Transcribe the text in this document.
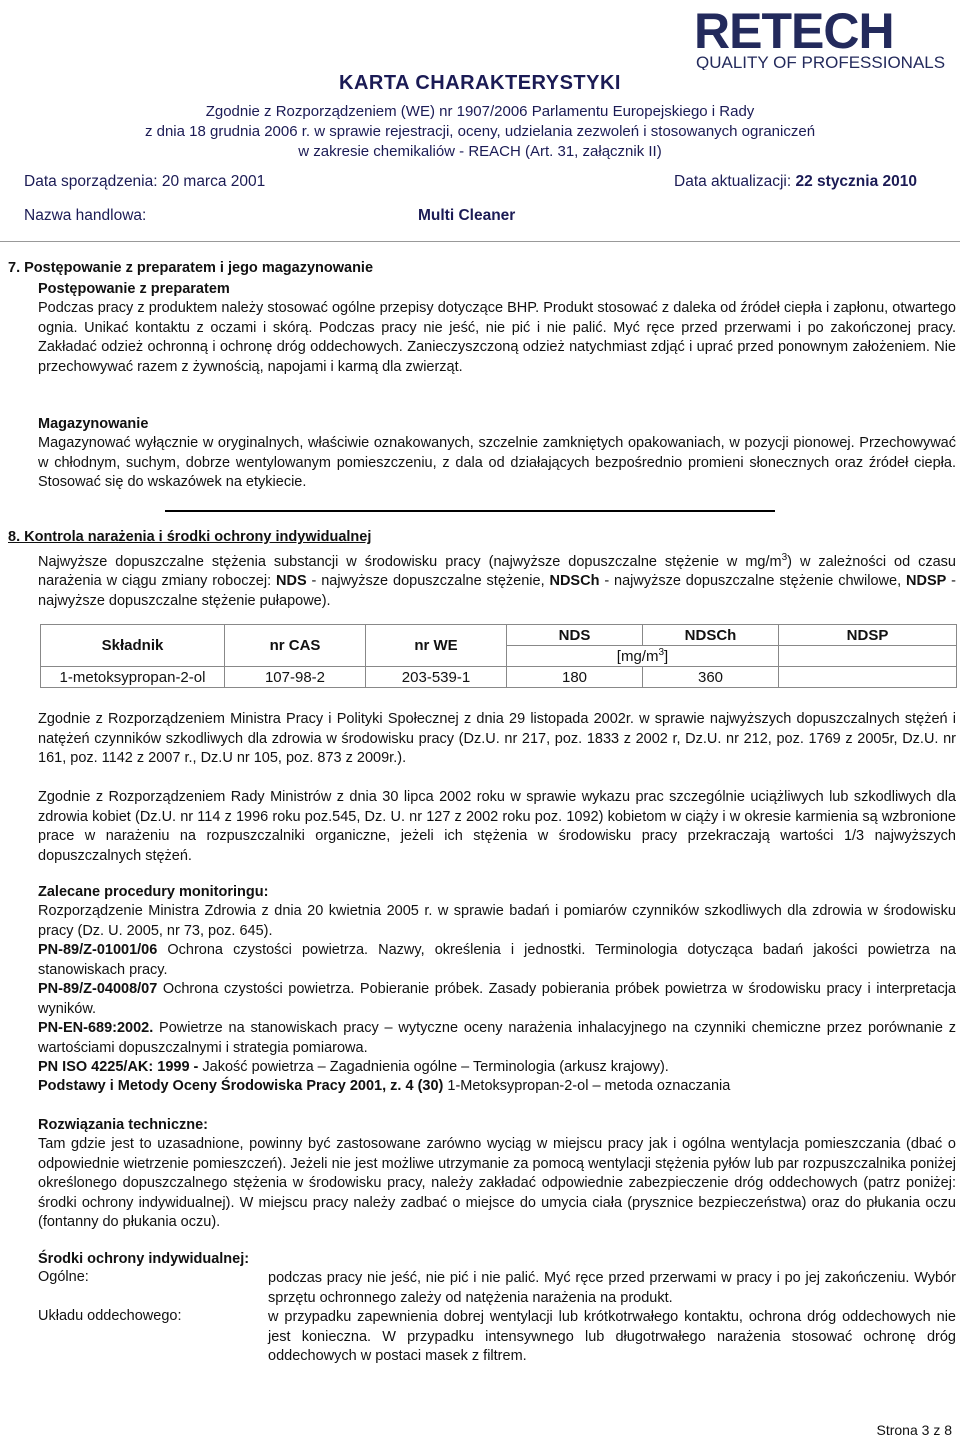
RETECH
QUALITY OF PROFESSIONALS
KARTA CHARAKTERYSTYKI
Zgodnie z Rozporządzeniem (WE) nr 1907/2006 Parlamentu Europejskiego i Rady
z dnia 18 grudnia 2006 r. w sprawie rejestracji, oceny, udzielania zezwoleń i stosowanych ograniczeń
w zakresie chemikaliów - REACH (Art. 31, załącznik II)
Data sporządzenia: 20 marca 2001	Data aktualizacji: 22 stycznia 2010
Nazwa handlowa:	Multi Cleaner
7. Postępowanie z preparatem i jego magazynowanie
Postępowanie z preparatem
Podczas pracy z produktem należy stosować ogólne przepisy dotyczące BHP. Produkt stosować z daleka od źródeł ciepła i zapłonu, otwartego ognia. Unikać kontaktu z oczami i skórą. Podczas pracy nie jeść, nie pić i nie palić. Myć ręce przed przerwami i po zakończonej pracy. Zakładać odzież ochronną i ochronę dróg oddechowych. Zanieczyszczoną odzież natychmiast zdjąć i uprać przed ponownym założeniem. Nie przechowywać razem z żywnością, napojami i karmą dla zwierząt.
Magazynowanie
Magazynować wyłącznie w oryginalnych, właściwie oznakowanych, szczelnie zamkniętych opakowaniach, w pozycji pionowej. Przechowywać w chłodnym, suchym, dobrze wentylowanym pomieszczeniu, z dala od działających bezpośrednio promieni słonecznych oraz źródeł ciepła. Stosować się do wskazówek na etykiecie.
8. Kontrola narażenia i środki ochrony indywidualnej
Najwyższe dopuszczalne stężenia substancji w środowisku pracy (najwyższe dopuszczalne stężenie w $mg/m^3$) w zależności od czasu narażenia w ciągu zmiany roboczej: NDS - najwyższe dopuszczalne stężenie, NDSCh - najwyższe dopuszczalne stężenie chwilowe, NDSP - najwyższe dopuszczalne stężenie pułapowe).
Składnik	nr CAS	nr WE	NDS	NDSCh	NDSP
			$[mg/m^3]$		
1-metoksypropan-2-ol	107-98-2	203-539-1	180	360	
Zgodnie z Rozporządzeniem Ministra Pracy i Polityki Społecznej z dnia 29 listopada 2002r. w sprawie najwyższych dopuszczalnych stężeń i natężeń czynników szkodliwych dla zdrowia w środowisku pracy (Dz.U. nr 217, poz. 1833 z 2002 r, Dz.U. nr 212, poz. 1769 z 2005r, Dz.U. nr 161, poz. 1142 z 2007 r., Dz.U nr 105, poz. 873 z 2009r.).
Zgodnie z Rozporządzeniem Rady Ministrów z dnia 30 lipca 2002 roku w sprawie wykazu prac szczególnie uciążliwych lub szkodliwych dla zdrowia kobiet (Dz.U. nr 114 z 1996 roku poz.545, Dz. U. nr 127 z 2002 roku poz. 1092) kobietom w ciąży i w okresie karmienia są wzbronione prace w narażeniu na rozpuszczalniki organiczne, jeżeli ich stężenia w środowisku pracy przekraczają wartości 1/3 najwyższych dopuszczalnych stężeń.
Zalecane procedury monitoringu:
Rozporządzenie Ministra Zdrowia z dnia 20 kwietnia 2005 r. w sprawie badań i pomiarów czynników szkodliwych dla zdrowia w środowisku pracy (Dz. U. 2005, nr 73, poz. 645).
PN-89/Z-01001/06 Ochrona czystości powietrza. Nazwy, określenia i jednostki. Terminologia dotycząca badań jakości powietrza na stanowiskach pracy.
PN-89/Z-04008/07 Ochrona czystości powietrza. Pobieranie próbek. Zasady pobierania próbek powietrza w środowisku pracy i interpretacja wyników.
PN-EN-689:2002. Powietrze na stanowiskach pracy – wytyczne oceny narażenia inhalacyjnego na czynniki chemiczne przez porównanie z wartościami dopuszczalnymi i strategia pomiarowa.
PN ISO 4225/AK: 1999 - Jakość powietrza – Zagadnienia ogólne – Terminologia (arkusz krajowy).
Podstawy i Metody Oceny Środowiska Pracy 2001, z. 4 (30) 1-Metoksypropan-2-ol – metoda oznaczania
Rozwiązania techniczne:
Tam gdzie jest to uzasadnione, powinny być zastosowane zarówno wyciąg w miejscu pracy jak i ogólna wentylacja pomieszczania (dbać o odpowiednie wietrzenie pomieszczeń). Jeżeli nie jest możliwe utrzymanie za pomocą wentylacji stężenia pyłów lub par rozpuszczalnika poniżej określonego dopuszczalnego stężenia w środowisku pracy, należy zakładać odpowiednie zabezpieczenie dróg oddechowych (patrz poniżej: środki ochrony indywidualnej). W miejscu pracy należy zadbać o miejsce do umycia ciała (prysznice bezpieczeństwa) oraz do płukania oczu (fontanny do płukania oczu).
Środki ochrony indywidualnej:
Ogólne:	podczas pracy nie jeść, nie pić i nie palić. Myć ręce przed przerwami w pracy i po jej zakończeniu. Wybór sprzętu ochronnego zależy od natężenia narażenia na produkt.
Układu oddechowego:	w przypadku zapewnienia dobrej wentylacji lub krótkotrwałego kontaktu, ochrona dróg oddechowych nie jest konieczna. W przypadku intensywnego lub długotrwałego narażenia stosować ochronę dróg oddechowych w postaci masek z filtrem.
Strona 3 z 8
